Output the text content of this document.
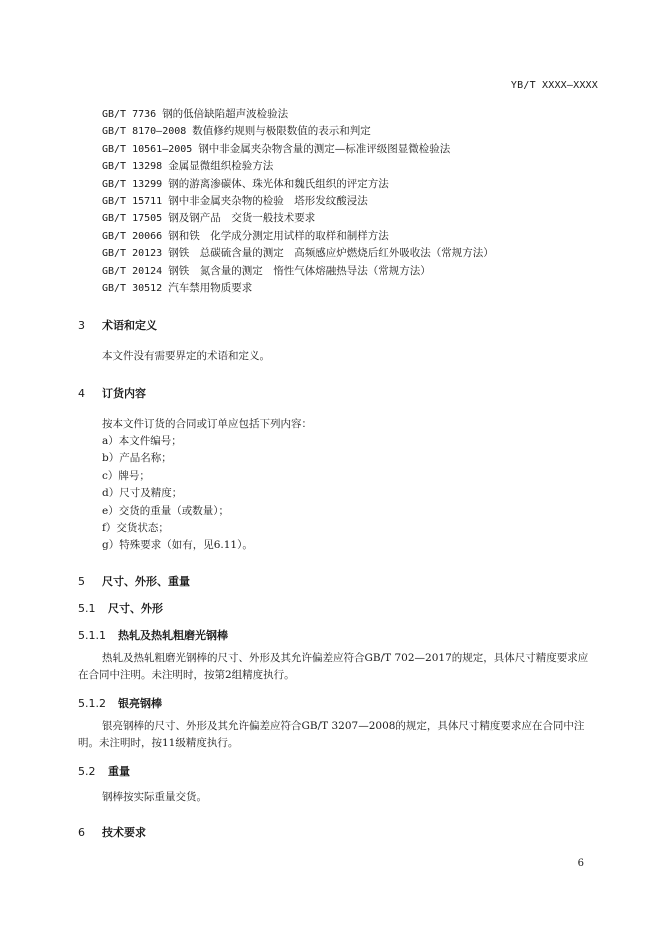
YB/T XXXX—XXXX
GB/T 7736 钢的低倍缺陷超声波检验法
GB/T 8170—2008 数值修约规则与极限数值的表示和判定
GB/T 10561—2005 钢中非金属夹杂物含量的测定—标准评级图显微检验法
GB/T 13298 金属显微组织检验方法
GB/T 13299 钢的游离渗碳体、珠光体和魏氏组织的评定方法
GB/T 15711 钢中非金属夹杂物的检验　塔形发纹酸浸法
GB/T 17505 钢及钢产品　交货一般技术要求
GB/T 20066 钢和铁　化学成分测定用试样的取样和制样方法
GB/T 20123 钢铁　总碳硫含量的测定　高频感应炉燃烧后红外吸收法（常规方法）
GB/T 20124 钢铁　氮含量的测定　惰性气体熔融热导法（常规方法）
GB/T 30512 汽车禁用物质要求
3 术语和定义
本文件没有需要界定的术语和定义。
4 订货内容
按本文件订货的合同或订单应包括下列内容：
a）本文件编号；
b）产品名称；
c）牌号；
d）尺寸及精度；
e）交货的重量（或数量）；
f）交货状态；
g）特殊要求（如有，见6.11）。
5 尺寸、外形、重量
5.1 尺寸、外形
5.1.1 热轧及热轧粗磨光钢棒
热轧及热轧粗磨光钢棒的尺寸、外形及其允许偏差应符合GB/T 702—2017的规定，具体尺寸精度要求应在合同中注明。未注明时，按第2组精度执行。
5.1.2 银亮钢棒
银亮钢棒的尺寸、外形及其允许偏差应符合GB/T 3207—2008的规定，具体尺寸精度要求应在合同中注明。未注明时，按11级精度执行。
5.2 重量
钢棒按实际重量交货。
6 技术要求
6
